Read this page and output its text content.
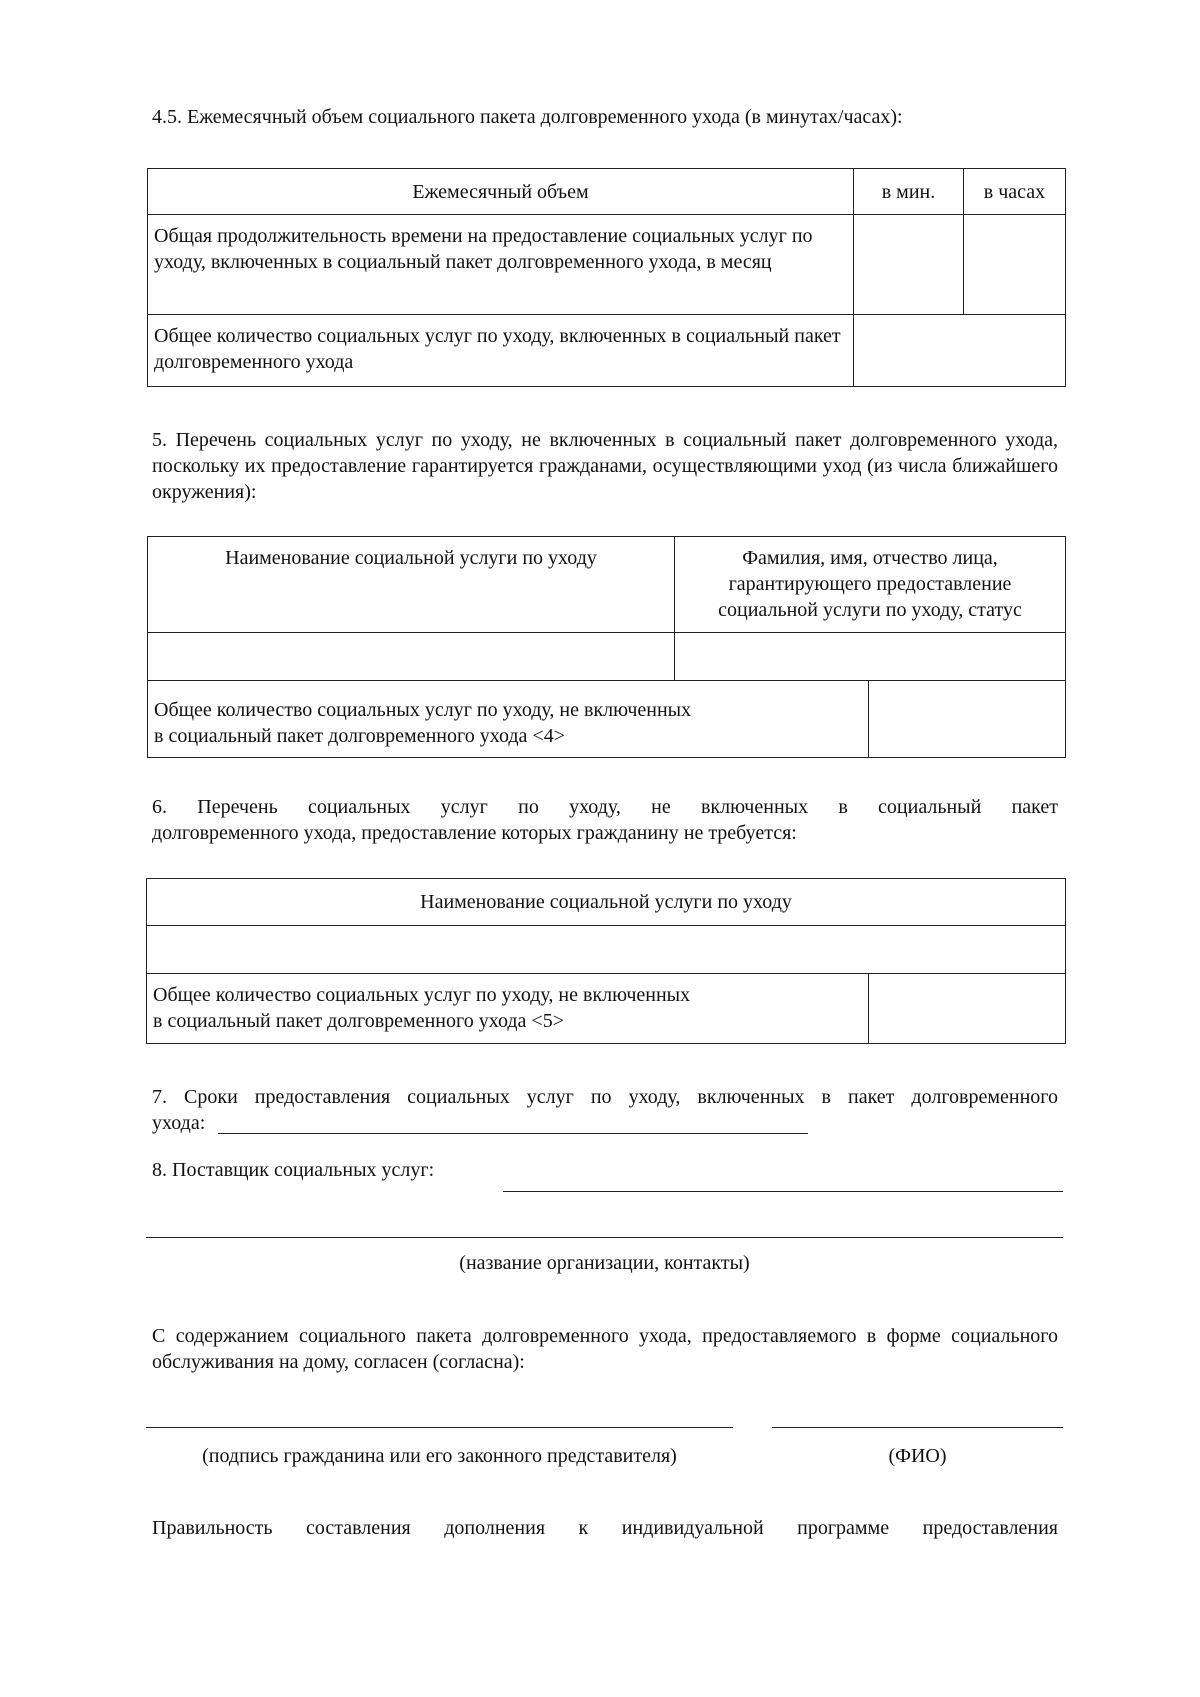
4.5. Ежемесячный объем социального пакета долговременного ухода (в минутах/часах):
Ежемесячный объем	в мин.	в часах
Общая продолжительность времени на предоставление социальных услуг по уходу, включенных в социальный пакет долговременного ухода, в месяц		
Общее количество социальных услуг по уходу, включенных в социальный пакет долговременного ухода		

5. Перечень социальных услуг по уходу, не включенных в социальный пакет долговременного ухода, поскольку их предоставление гарантируется гражданами, осуществляющими уход (из числа ближайшего окружения):

Наименование социальной услуги по уходу	Фамилия, имя, отчество лица, гарантирующего предоставление социальной услуги по уходу, статус	

Общее количество социальных услуг по уходу, не включенных
в социальный пакет долговременного ухода <4>		

6. Перечень социальных услуг по уходу, не включенных в социальный пакет
долговременного ухода, предоставление которых гражданину не требуется:
Наименование социальной услуги по уходу

Общее количество социальных услуг по уходу, не включенных
в социальный пакет долговременного ухода <5>

7. Сроки предоставления социальных услуг по уходу, включенных в пакет долговременного
ухода:
8. Поставщик социальных услуг:
(название организации, контакты)

С содержанием социального пакета долговременного ухода, предоставляемого в форме социального обслуживания на дому, согласен (согласна):

(подпись гражданина или его законного представителя)	(ФИО)
Правильность составления дополнения к индивидуальной программе предоставления
